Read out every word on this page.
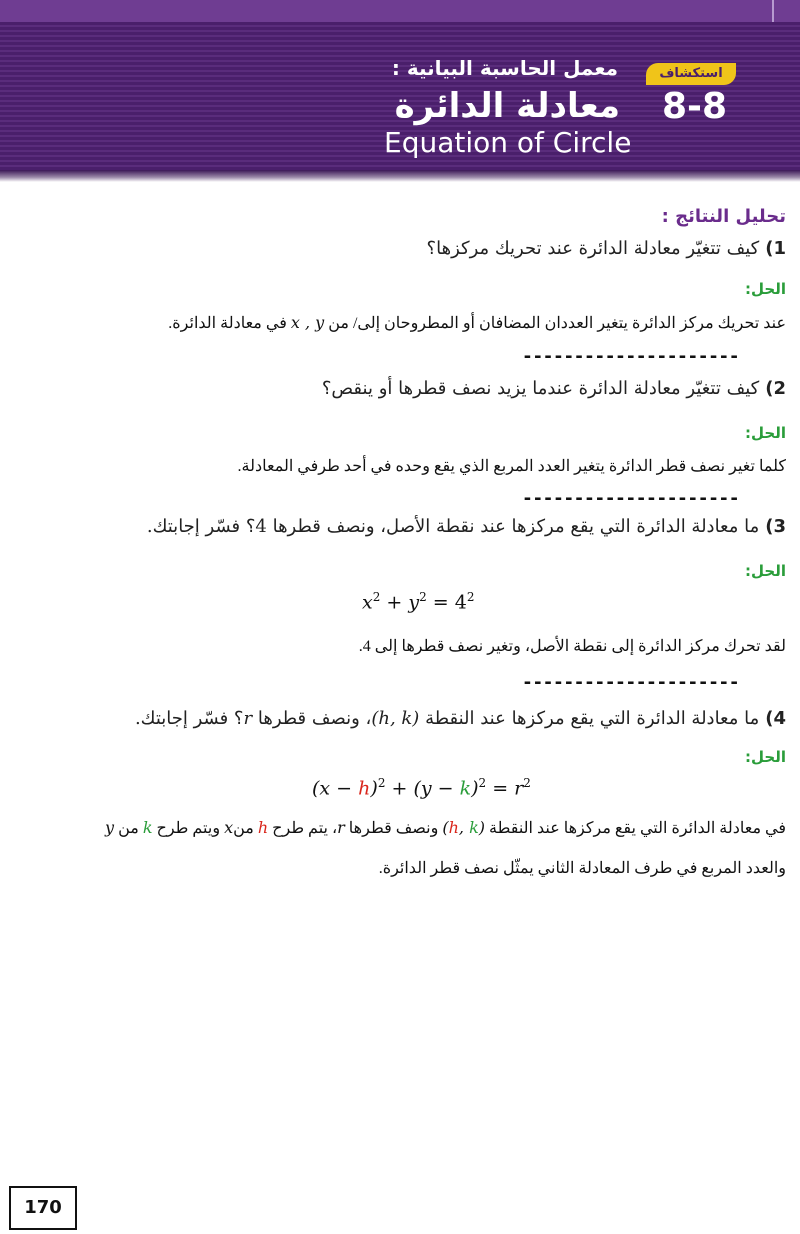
معمل الحاسبة البيانية :	استكشاف
8-8
معادلة الدائرة
Equation of Circle
تحليل النتائج :
1)كيف تتغيّر معادلة الدائرة عند تحريك مركزها؟
الحل:
عند تحريك مركز الدائرة يتغير العددان المضافان أو المطروحان إلى/ من x , y في معادلة الدائرة.
---------------------
2)كيف تتغيّر معادلة الدائرة عندما يزيد نصف قطرها أو ينقص؟
الحل:
كلما تغير نصف قطر الدائرة يتغير العدد المربع الذي يقع وحده في أحد طرفي المعادلة.
---------------------
3)ما معادلة الدائرة التي يقع مركزها عند نقطة الأصل، ونصف قطرها 4؟ فسّر إجابتك.
الحل:
$x^2 + y^2 = 4^2$
لقد تحرك مركز الدائرة إلى نقطة الأصل، وتغير نصف قطرها إلى 4.
---------------------
4)ما معادلة الدائرة التي يقع مركزها عند النقطة (h, k)، ونصف قطرها r؟ فسّر إجابتك.
الحل:
$(x - h)^2 + (y - k)^2 = r^2$
في معادلة الدائرة التي يقع مركزها عند النقطة (h, k) ونصف قطرها r، يتم طرح h منx ويتم طرح k من y
والعدد المربع في طرف المعادلة الثاني يمثّل نصف قطر الدائرة.
170
